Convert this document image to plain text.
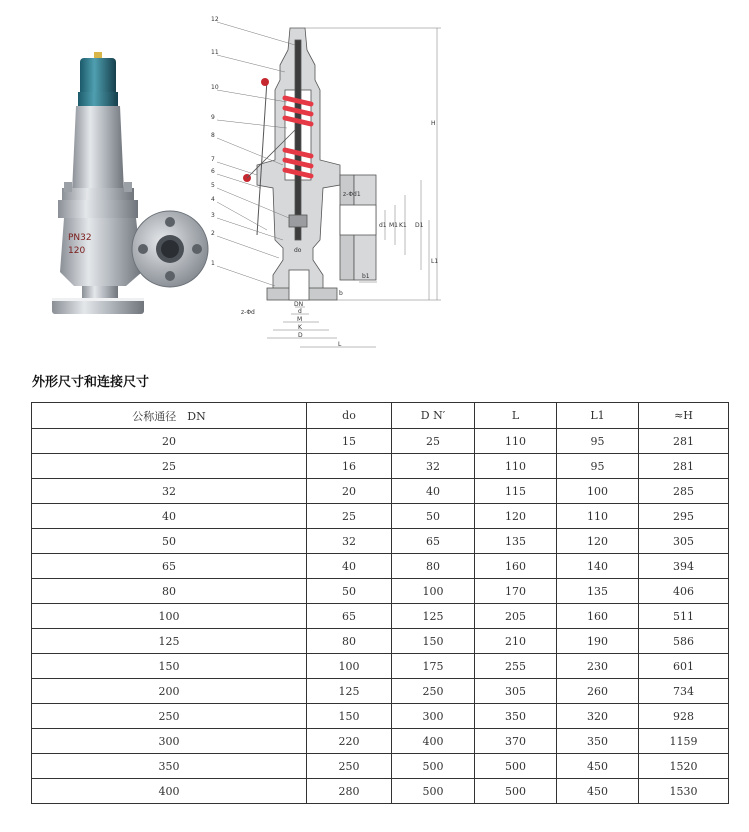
PN32
120
12
11
10
9
8
7
6
5
4
3
2
1
H
L1
D1
K1
M1
d1
b1
z-Φd1
do
b
z-Φd
DN
d
M
K
D
L
外形尺寸和连接尺寸
公称通径　DN	do	D N′	L	L1	≈H
20	15	25	110	95	281
25	16	32	110	95	281
32	20	40	115	100	285
40	25	50	120	110	295
50	32	65	135	120	305
65	40	80	160	140	394
80	50	100	170	135	406
100	65	125	205	160	511
125	80	150	210	190	586
150	100	175	255	230	601
200	125	250	305	260	734
250	150	300	350	320	928
300	220	400	370	350	1159
350	250	500	500	450	1520
400	280	500	500	450	1530
